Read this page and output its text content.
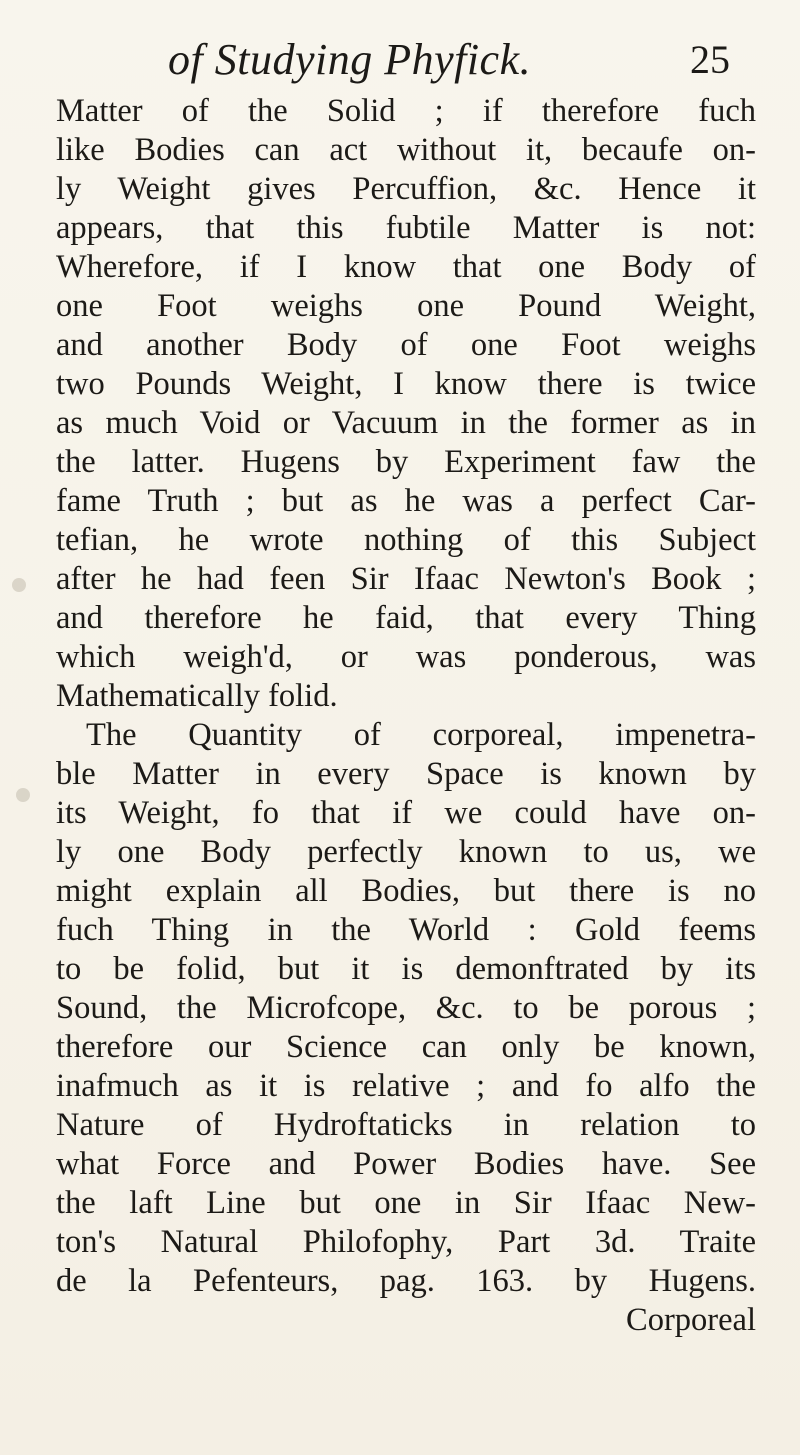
of Studying Phyfick.	25
Matter of the Solid ; if therefore fuch
like Bodies can act without it, becaufe on-
ly Weight gives Percuffion, &c. Hence it
appears, that this fubtile Matter is not:
Wherefore, if I know that one Body of
one Foot weighs one Pound Weight,
and another Body of one Foot weighs
two Pounds Weight, I know there is twice
as much Void or Vacuum in the former as in
the latter. Hugens by Experiment faw the
fame Truth ; but as he was a perfect Car-
tefian, he wrote nothing of this Subject
after he had feen Sir Ifaac Newton's Book ;
and therefore he faid, that every Thing
which weigh'd, or was ponderous, was
Mathematically folid.
The Quantity of corporeal, impenetra-
ble Matter in every Space is known by
its Weight, fo that if we could have on-
ly one Body perfectly known to us, we
might explain all Bodies, but there is no
fuch Thing in the World : Gold feems
to be folid, but it is demonftrated by its
Sound, the Microfcope, &c. to be porous ;
therefore our Science can only be known,
inafmuch as it is relative ; and fo alfo the
Nature of Hydroftaticks in relation to
what Force and Power Bodies have. See
the laft Line but one in Sir Ifaac New-
ton's Natural Philofophy, Part 3d. Traite
de la Pefenteurs, pag. 163. by Hugens.
Corporeal
